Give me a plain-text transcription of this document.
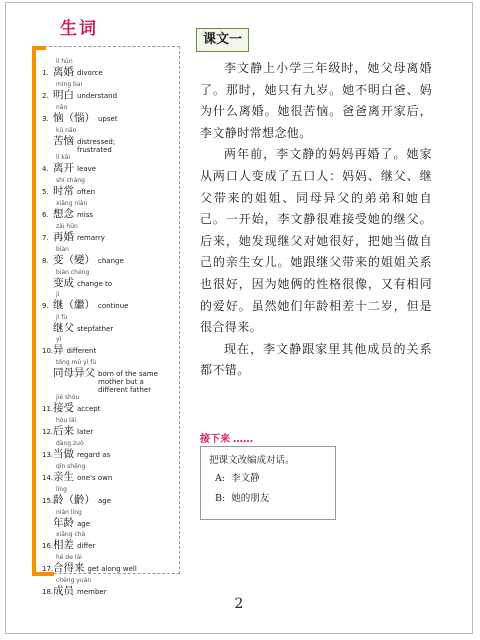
生词
lí hūn
1. 离婚 divorce
míng bai
2. 明白 understand
nǎo
3. 恼（惱） upset
kǔ nǎo
苦恼 distressed; frustrated
lí kāi
4. 离开 leave
shí cháng
5. 时常 often
xiǎng niàn
6. 想念 miss
zài hūn
7. 再婚 remarry
biàn
8. 变（變） change
biàn chéng
变成 change to
jì
9. 继（繼） continue
jì fù
继父 stepfather
yì
10. 异 different
tóng mǔ yì fù
同母异父 born of the same mother but a different father
jiē shòu
11. 接受 accept
hòu lái
12. 后来 later
dàng zuò
13. 当做 regard as
qīn shēng
14. 亲生 one's own
líng
15. 龄（齡） age
nián líng
年龄 age
xiāng chà
16. 相差 differ
hé de lái
17. 合得来 get along well
chéng yuán
18. 成员 member
课文一

李文静上小学三年级时，她父母离婚了。那时，她只有九岁。她不明白爸、妈为什么离婚。她很苦恼。爸爸离开家后，李文静时常想念他。

两年前，李文静的妈妈再婚了。她家从两口人变成了五口人：妈妈、继父、继父带来的姐姐、同母异父的弟弟和她自己。一开始，李文静很难接受她的继父。后来，她发现继父对她很好，把她当做自己的亲生女儿。她跟继父带来的姐姐关系也很好，因为她俩的性格很像，又有相同的爱好。虽然她们年龄相差十二岁，但是很合得来。

现在，李文静跟家里其他成员的关系都不错。

接下来 ……
把课文改编成对话。
A: 李文静
B: 她的朋友
2
